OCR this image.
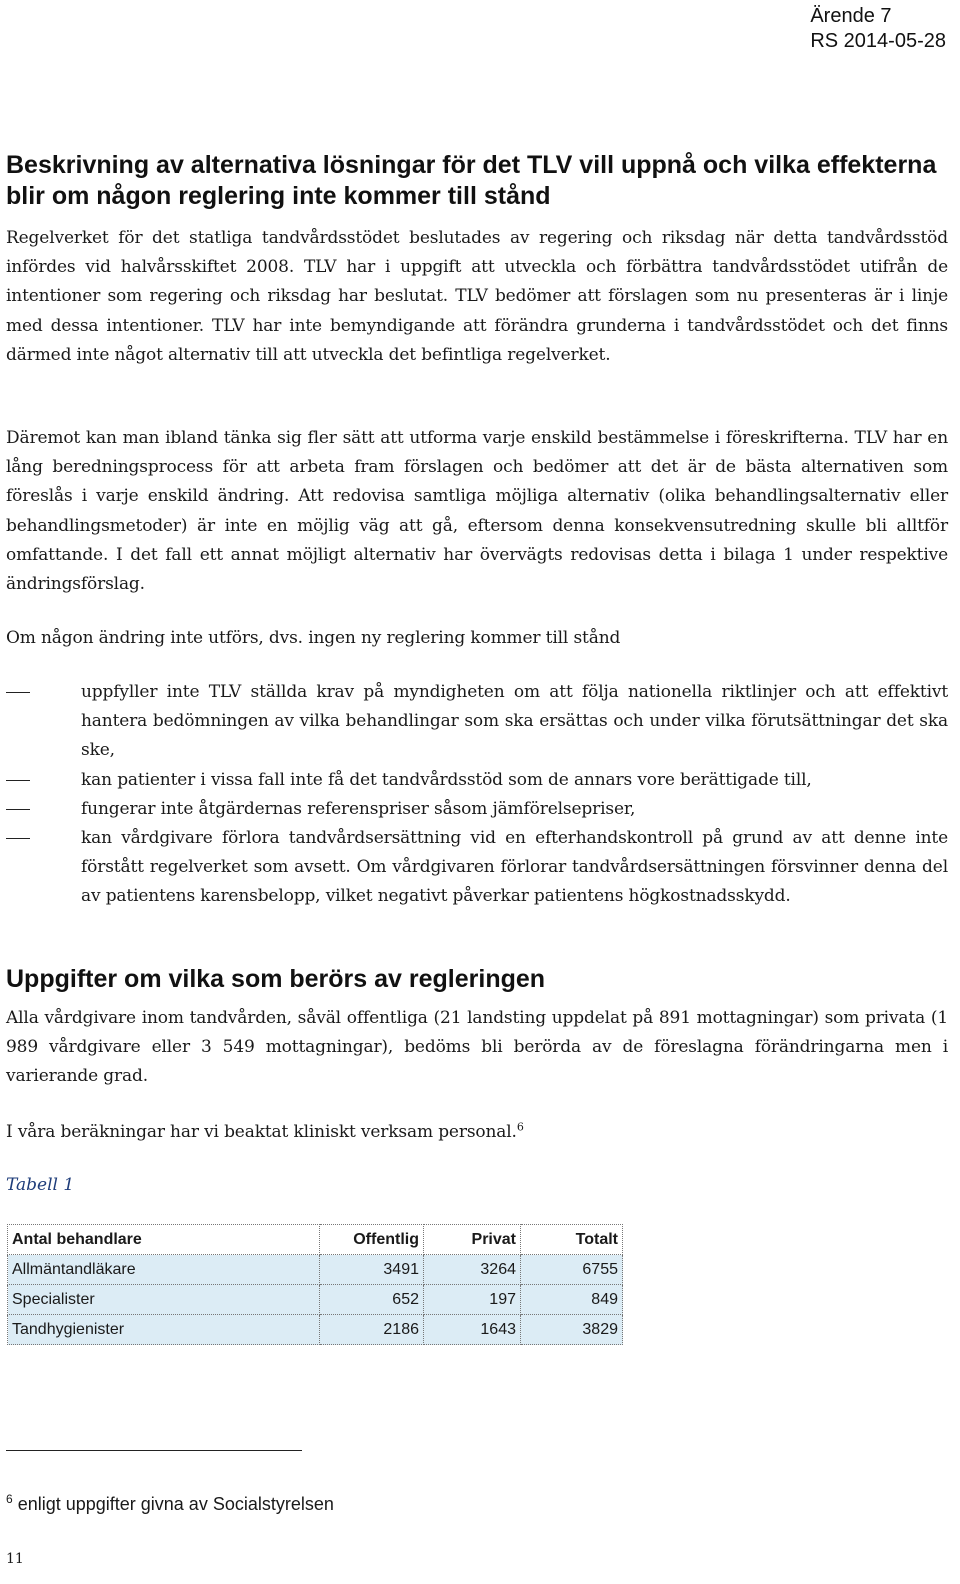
Ärende 7
RS 2014-05-28
Beskrivning av alternativa lösningar för det TLV vill uppnå och vilka effekterna blir om någon reglering inte kommer till stånd

Regelverket för det statliga tandvårdsstödet beslutades av regering och riksdag när detta tandvårdsstöd infördes vid halvårsskiftet 2008. TLV har i uppgift att utveckla och förbättra tandvårdsstödet utifrån de intentioner som regering och riksdag har beslutat. TLV bedömer att förslagen som nu presenteras är i linje med dessa intentioner. TLV har inte bemyndigande att förändra grunderna i tandvårdsstödet och det finns därmed inte något alternativ till att utveckla det befintliga regelverket.

Däremot kan man ibland tänka sig fler sätt att utforma varje enskild bestämmelse i föreskrifterna. TLV har en lång beredningsprocess för att arbeta fram förslagen och bedömer att det är de bästa alternativen som föreslås i varje enskild ändring. Att redovisa samtliga möjliga alternativ (olika behandlingsalternativ eller behandlingsmetoder) är inte en möjlig väg att gå, eftersom denna konsekvensutredning skulle bli alltför omfattande. I det fall ett annat möjligt alternativ har övervägts redovisas detta i bilaga 1 under respektive ändringsförslag.

Om någon ändring inte utförs, dvs. ingen ny reglering kommer till stånd

uppfyller inte TLV ställda krav på myndigheten om att följa nationella riktlinjer och att effektivt hantera bedömningen av vilka behandlingar som ska ersättas och under vilka förutsättningar det ska ske,
kan patienter i vissa fall inte få det tandvårdsstöd som de annars vore berättigade till,
fungerar inte åtgärdernas referenspriser såsom jämförelsepriser,
kan vårdgivare förlora tandvårdsersättning vid en efterhandskontroll på grund av att denne inte förstått regelverket som avsett. Om vårdgivaren förlorar tandvårdsersättningen försvinner denna del av patientens karensbelopp, vilket negativt påverkar patientens högkostnadsskydd.
Uppgifter om vilka som berörs av regleringen

Alla vårdgivare inom tandvården, såväl offentliga (21 landsting uppdelat på 891 mottagningar) som privata (1 989 vårdgivare eller 3 549 mottagningar), bedöms bli berörda av de föreslagna förändringarna men i varierande grad.

I våra beräkningar har vi beaktat kliniskt verksam personal.$^6$

Tabell 1
Antal behandlare	Offentlig	Privat	Totalt
Allmäntandläkare	3491	3264	6755
Specialister	652	197	849
Tandhygienister	2186	1643	3829
$^6$ enligt uppgifter givna av Socialstyrelsen
11
